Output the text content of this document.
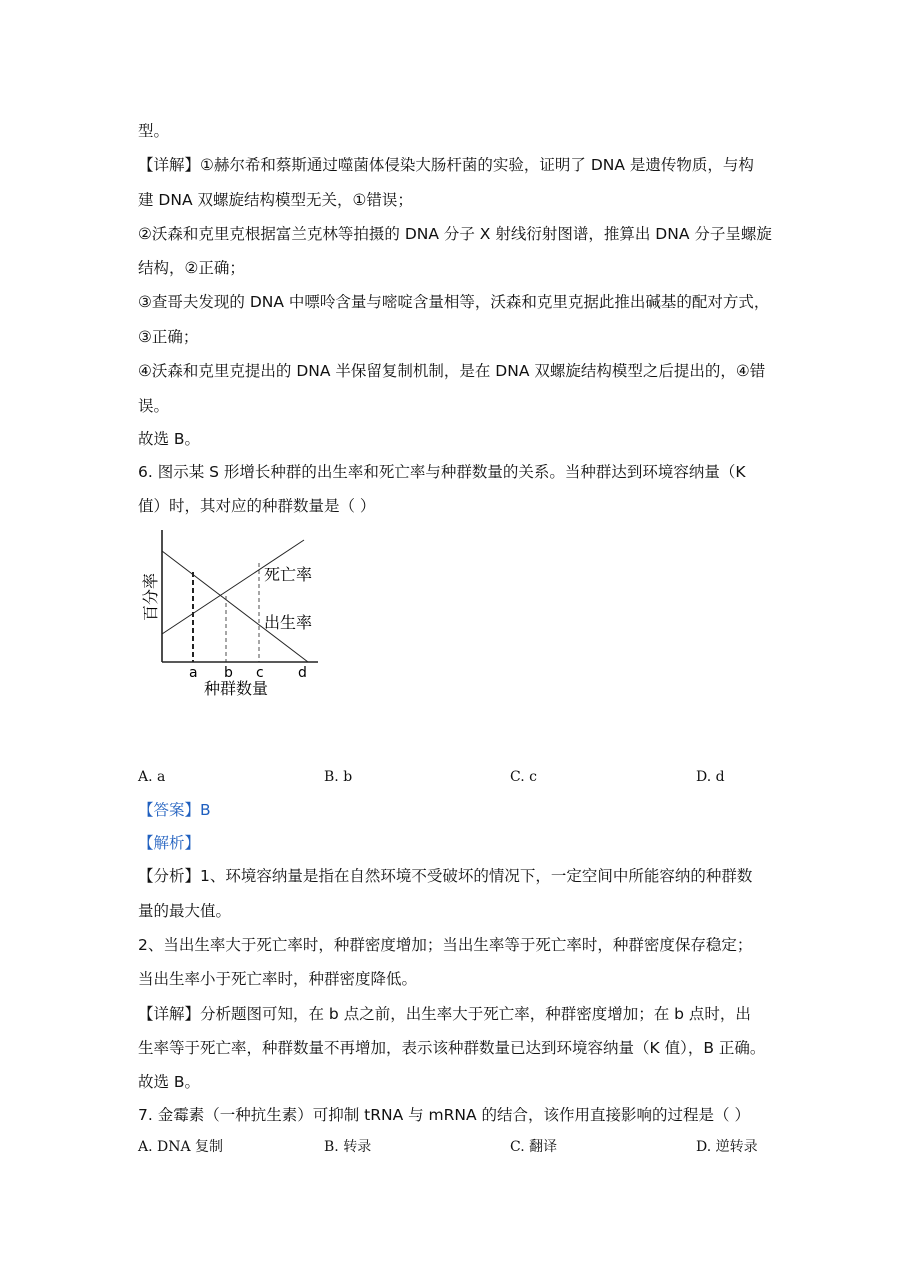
型。
【详解】①赫尔希和蔡斯通过噬菌体侵染大肠杆菌的实验，证明了 DNA 是遗传物质，与构
建 DNA 双螺旋结构模型无关，①错误；
②沃森和克里克根据富兰克林等拍摄的 DNA 分子 X 射线衍射图谱，推算出 DNA 分子呈螺旋
结构，②正确；
③查哥夫发现的 DNA 中嘌呤含量与嘧啶含量相等，沃森和克里克据此推出碱基的配对方式，
③正确；
④沃森和克里克提出的 DNA 半保留复制机制，是在 DNA 双螺旋结构模型之后提出的，④错
误。
故选 B。
6. 图示某 S 形增长种群的出生率和死亡率与种群数量的关系。当种群达到环境容纳量（K
值）时，其对应的种群数量是（ ）
a b c d
死亡率
出生率
种群数量
百分率
A. a	B. b	C. c	D. d
【答案】B
【解析】
【分析】1、环境容纳量是指在自然环境不受破坏的情况下，一定空间中所能容纳的种群数
量的最大值。
2、当出生率大于死亡率时，种群密度增加；当出生率等于死亡率时，种群密度保存稳定；
当出生率小于死亡率时，种群密度降低。
【详解】分析题图可知，在 b 点之前，出生率大于死亡率，种群密度增加；在 b 点时，出
生率等于死亡率，种群数量不再增加，表示该种群数量已达到环境容纳量（K 值），B 正确。
故选 B。
7. 金霉素（一种抗生素）可抑制 tRNA 与 mRNA 的结合，该作用直接影响的过程是（ ）
A. DNA 复制	B. 转录	C. 翻译	D. 逆转录
